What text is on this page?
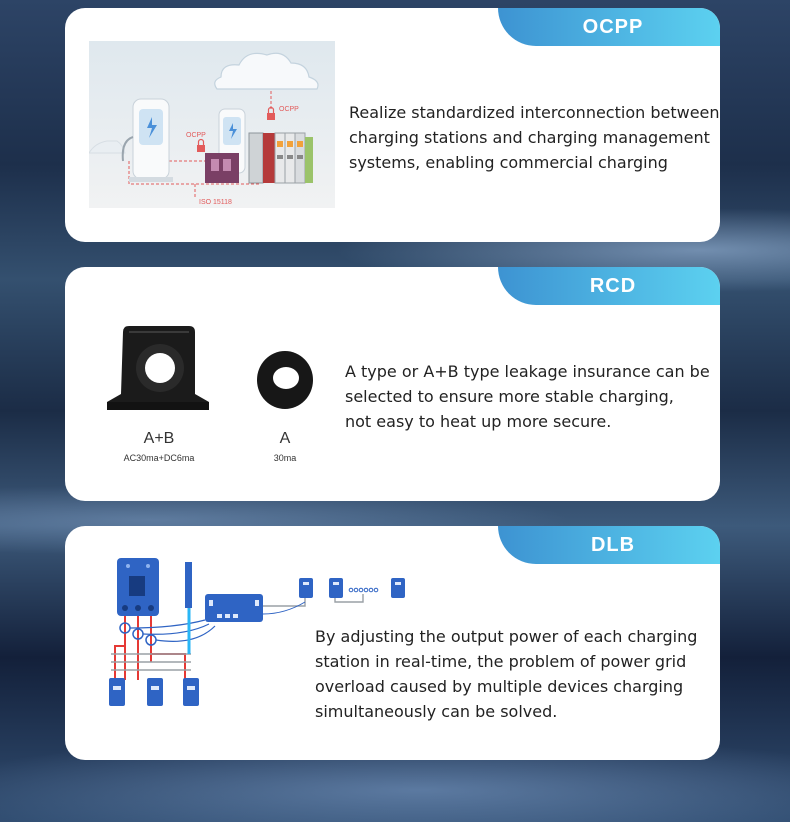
OCPP
OCPP
OCPP
ISO 15118

Realize standardized interconnection between
charging stations and charging management
systems, enabling commercial charging

RCD
A+B
AC30ma+DC6ma
A
30ma

A type or A+B type leakage insurance can be
selected to ensure more stable charging,
not easy to heat up more secure.

DLB

By adjusting the output power of each charging
station in real-time, the problem of power grid
overload caused by multiple devices charging
simultaneously can be solved.
